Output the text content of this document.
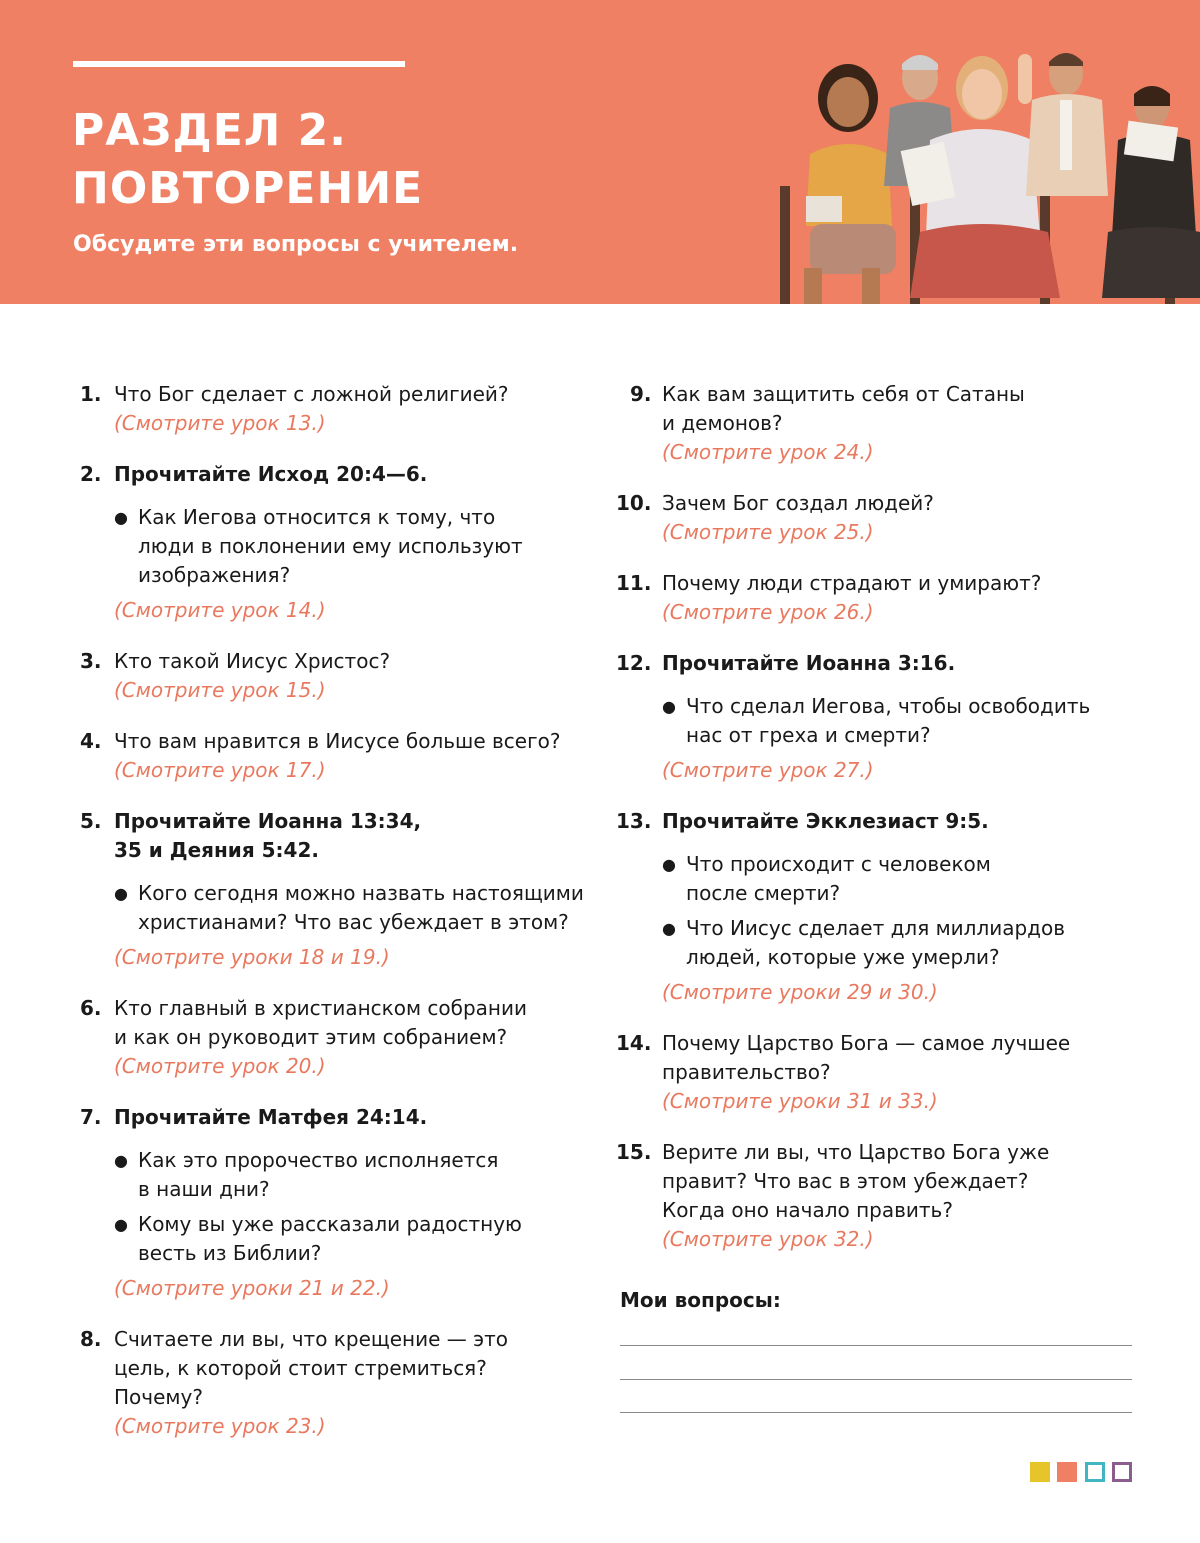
РАЗДЕЛ 2.
ПОВТОРЕНИЕ

Обсудите эти вопросы с учителем.

1. Что Бог сделает с ложной религией?
(Смотрите урок 13.)
2. Прочитайте Исход 20:4—6.
● Как Иегова относится к тому, что люди в поклонении ему используют изображения?
(Смотрите урок 14.)
3. Кто такой Иисус Христос?
(Смотрите урок 15.)
4. Что вам нравится в Иисусе больше всего?
(Смотрите урок 17.)
5. Прочитайте Иоанна 13:34, 35 и Деяния 5:42.
● Кого сегодня можно назвать настоящими христианами? Что вас убеждает в этом?
(Смотрите уроки 18 и 19.)
6. Кто главный в христианском собрании и как он руководит этим собранием?
(Смотрите урок 20.)
7. Прочитайте Матфея 24:14.
● Как это пророчество исполняется в наши дни?
● Кому вы уже рассказали радостную весть из Библии?
(Смотрите уроки 21 и 22.)
8. Считаете ли вы, что крещение — это цель, к которой стоит стремиться? Почему?
(Смотрите урок 23.)
9. Как вам защитить себя от Сатаны и демонов?
(Смотрите урок 24.)
10. Зачем Бог создал людей?
(Смотрите урок 25.)
11. Почему люди страдают и умирают?
(Смотрите урок 26.)
12. Прочитайте Иоанна 3:16.
● Что сделал Иегова, чтобы освободить нас от греха и смерти?
(Смотрите урок 27.)
13. Прочитайте Экклезиаст 9:5.
● Что происходит с человеком после смерти?
● Что Иисус сделает для миллиардов людей, которые уже умерли?
(Смотрите уроки 29 и 30.)
14. Почему Царство Бога — самое лучшее правительство?
(Смотрите уроки 31 и 33.)
15. Верите ли вы, что Царство Бога уже правит? Что вас в этом убеждает? Когда оно начало править?
(Смотрите урок 32.)

Мои вопросы:
